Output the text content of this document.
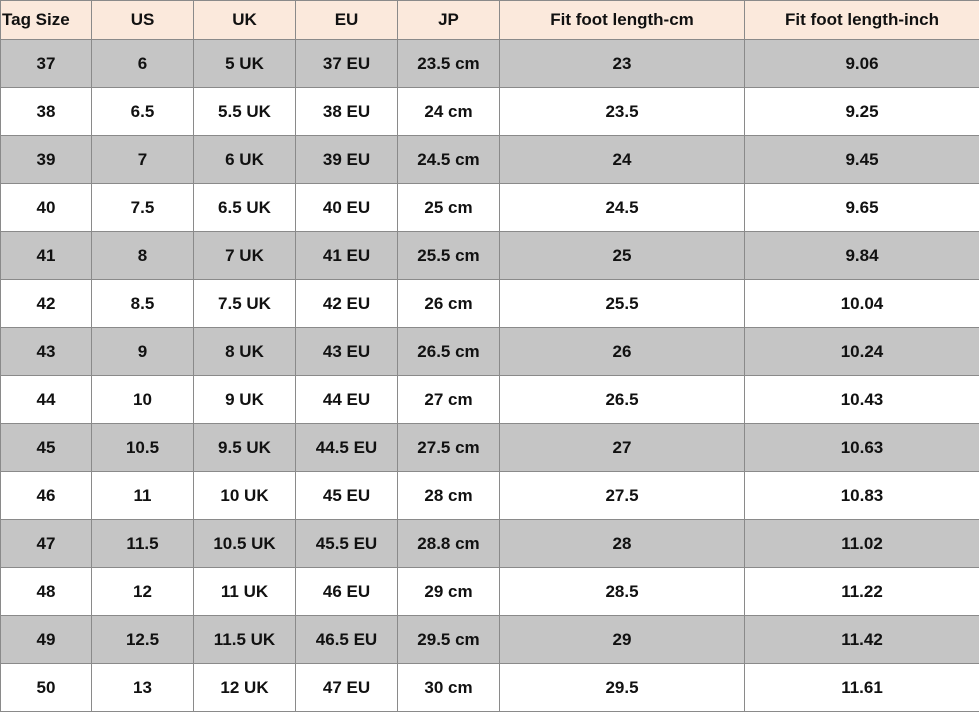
Tag Size	US	UK	EU	JP	Fit foot length-cm	Fit foot length-inch
37	6	5 UK	37 EU	23.5 cm	23	9.06
38	6.5	5.5 UK	38 EU	24 cm	23.5	9.25
39	7	6 UK	39 EU	24.5 cm	24	9.45
40	7.5	6.5 UK	40 EU	25 cm	24.5	9.65
41	8	7 UK	41 EU	25.5 cm	25	9.84
42	8.5	7.5 UK	42 EU	26 cm	25.5	10.04
43	9	8 UK	43 EU	26.5 cm	26	10.24
44	10	9 UK	44 EU	27 cm	26.5	10.43
45	10.5	9.5 UK	44.5 EU	27.5 cm	27	10.63
46	11	10 UK	45 EU	28 cm	27.5	10.83
47	11.5	10.5 UK	45.5 EU	28.8 cm	28	11.02
48	12	11 UK	46 EU	29 cm	28.5	11.22
49	12.5	11.5 UK	46.5 EU	29.5 cm	29	11.42
50	13	12 UK	47 EU	30 cm	29.5	11.61
